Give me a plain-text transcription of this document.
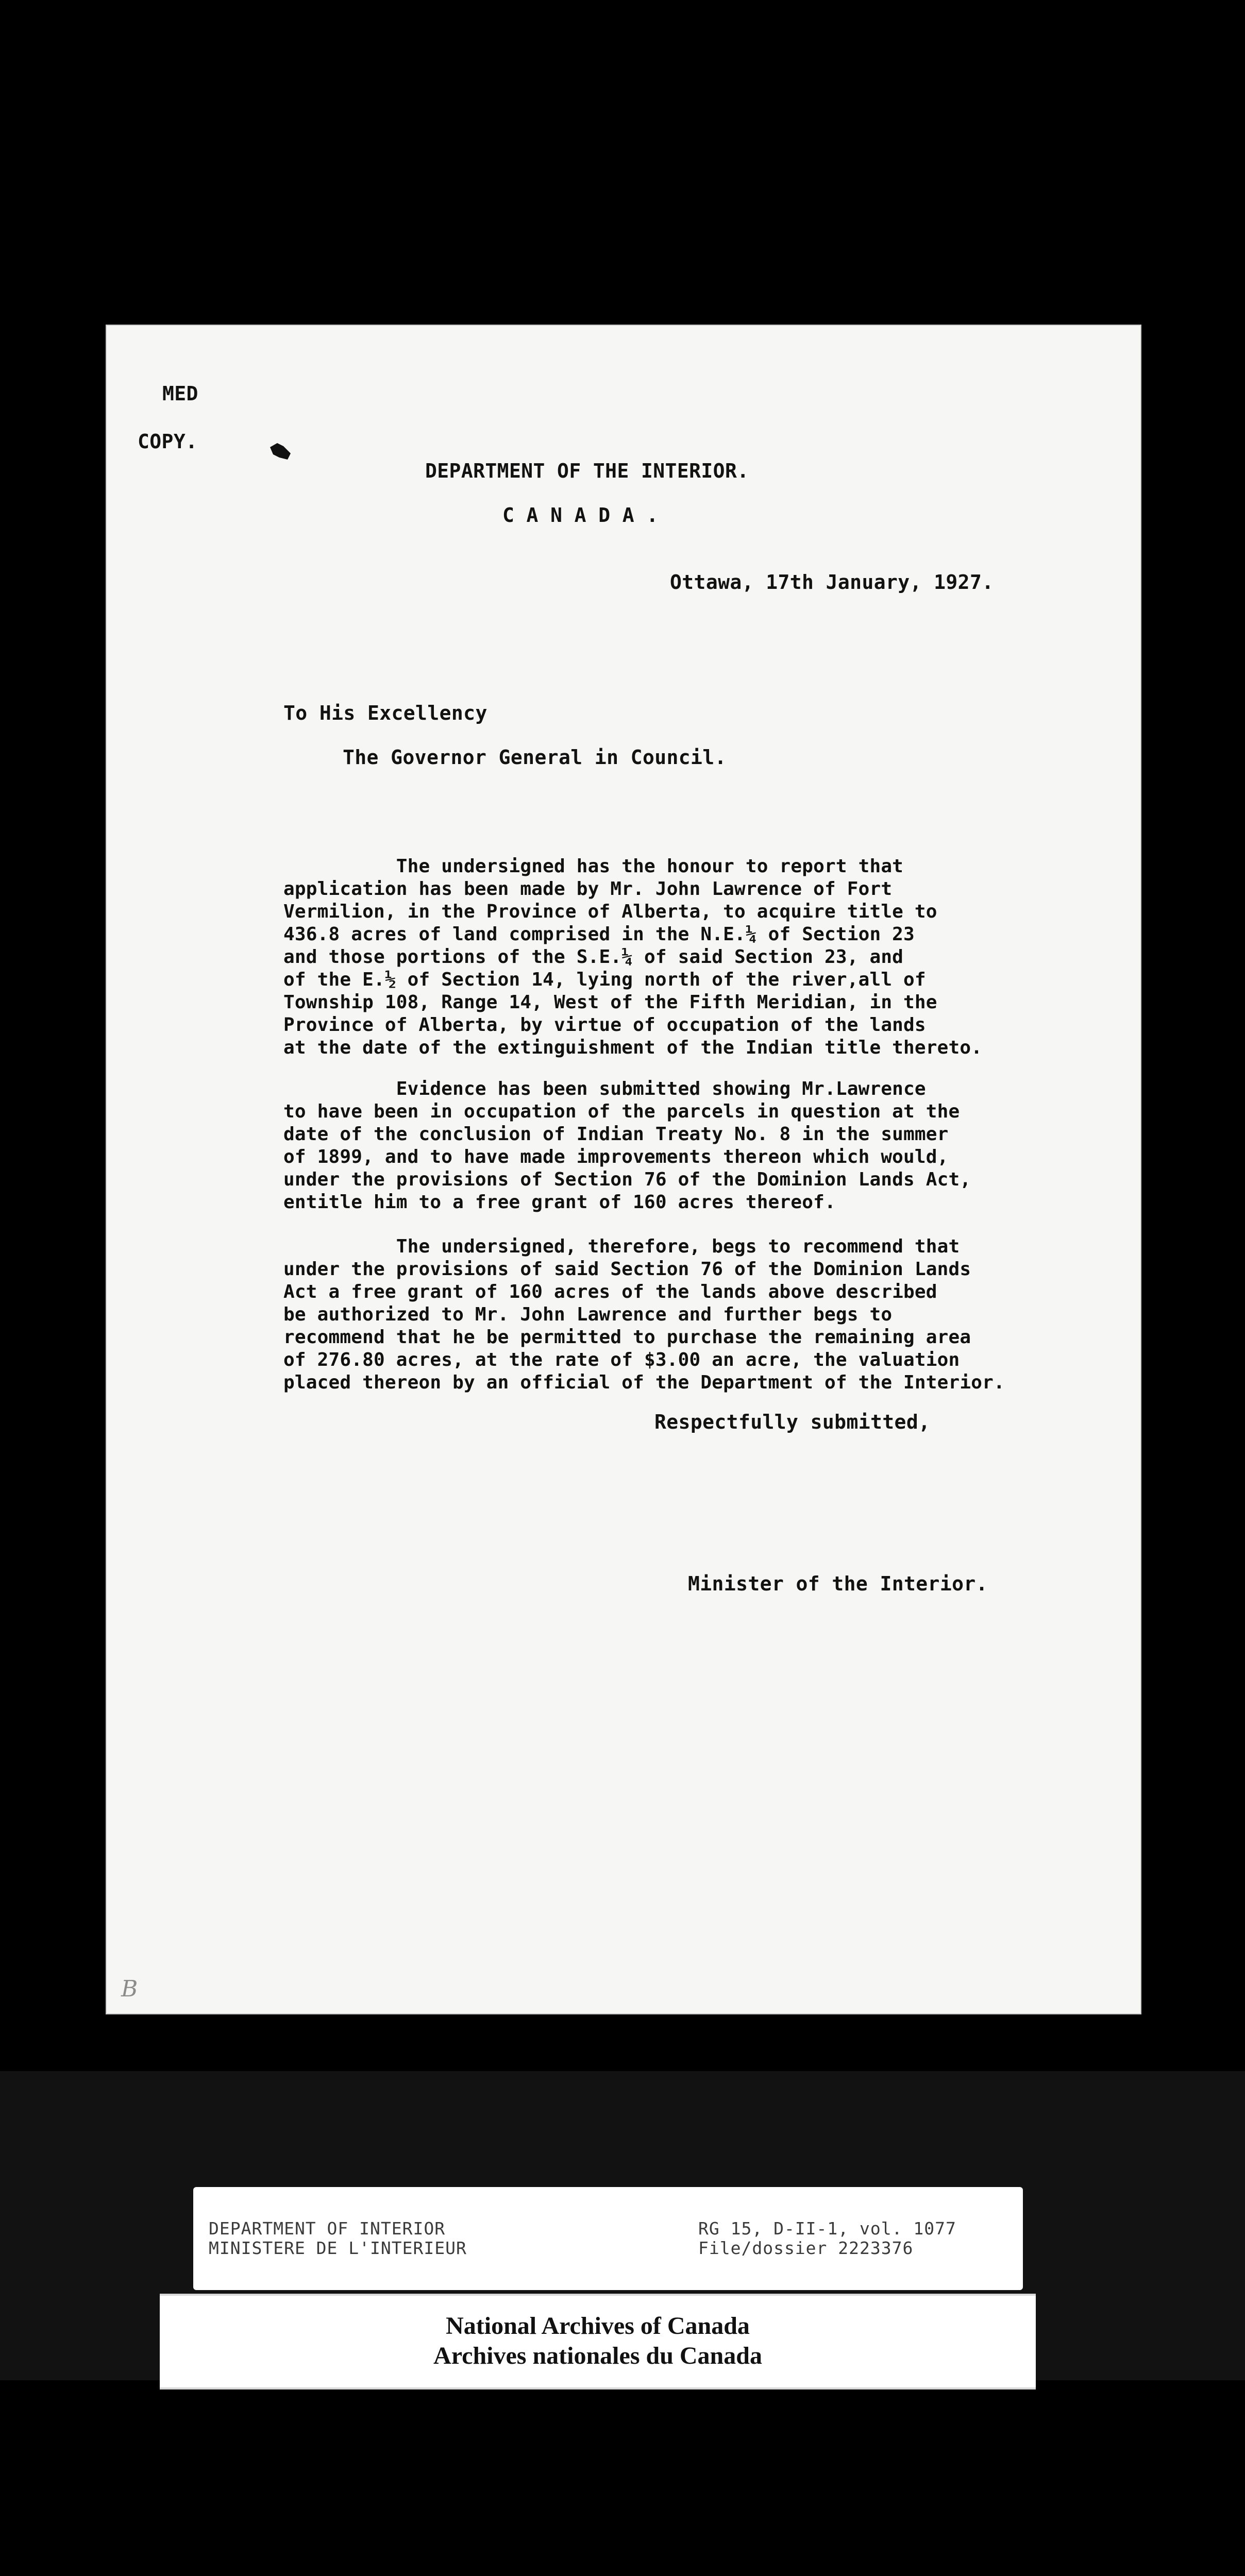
MED
COPY.
DEPARTMENT OF THE INTERIOR.
C A N A D A .
Ottawa, 17th January, 1927.
To His Excellency
The Governor General in Council.
The undersigned has the honour to report that
application has been made by Mr. John Lawrence of Fort
Vermilion, in the Province of Alberta, to acquire title to
436.8 acres of land comprised in the N.E.¼ of Section 23
and those portions of the S.E.¼ of said Section 23, and
of the E.½ of Section 14, lying north of the river,all of
Township 108, Range 14, West of the Fifth Meridian, in the
Province of Alberta, by virtue of occupation of the lands
at the date of the extinguishment of the Indian title thereto.
Evidence has been submitted showing Mr.Lawrence
to have been in occupation of the parcels in question at the
date of the conclusion of Indian Treaty No. 8 in the summer
of 1899, and to have made improvements thereon which would,
under the provisions of Section 76 of the Dominion Lands Act,
entitle him to a free grant of 160 acres thereof.
The undersigned, therefore, begs to recommend that
under the provisions of said Section 76 of the Dominion Lands
Act a free grant of 160 acres of the lands above described
be authorized to Mr. John Lawrence and further begs to
recommend that he be permitted to purchase the remaining area
of 276.80 acres, at the rate of $3.00 an acre, the valuation
placed thereon by an official of the Department of the Interior.
Respectfully submitted,
Minister of the Interior.
B
DEPARTMENT OF INTERIOR
MINISTERE DE L'INTERIEUR
RG 15, D-II-1, vol. 1077
File/dossier 2223376
National Archives of Canada
Archives nationales du Canada
